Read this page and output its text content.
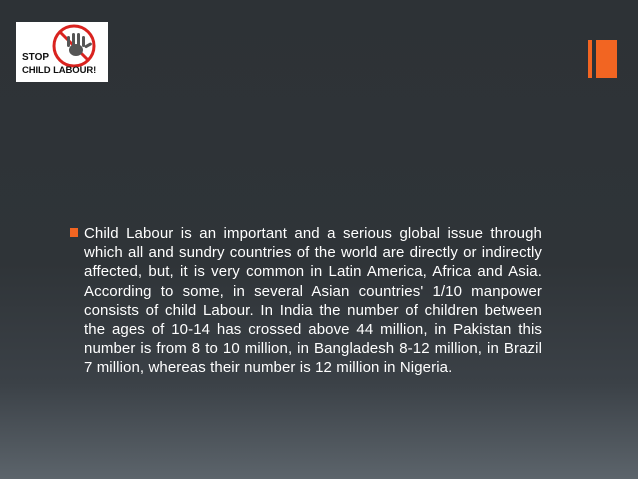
STOP
CHILD LABOUR!
Child Labour is an important and a serious global issue through which all and sundry countries of the world are directly or indirectly affected, but, it is very common in Latin America, Africa and Asia. According to some, in several Asian countries' 1/10 manpower consists of child Labour. In India the number of children between the ages of 10-14 has crossed above 44 million, in Pakistan this number is from 8 to 10 million, in Bangladesh 8-12 million, in Brazil 7 million, whereas their number is 12 million in Nigeria.
